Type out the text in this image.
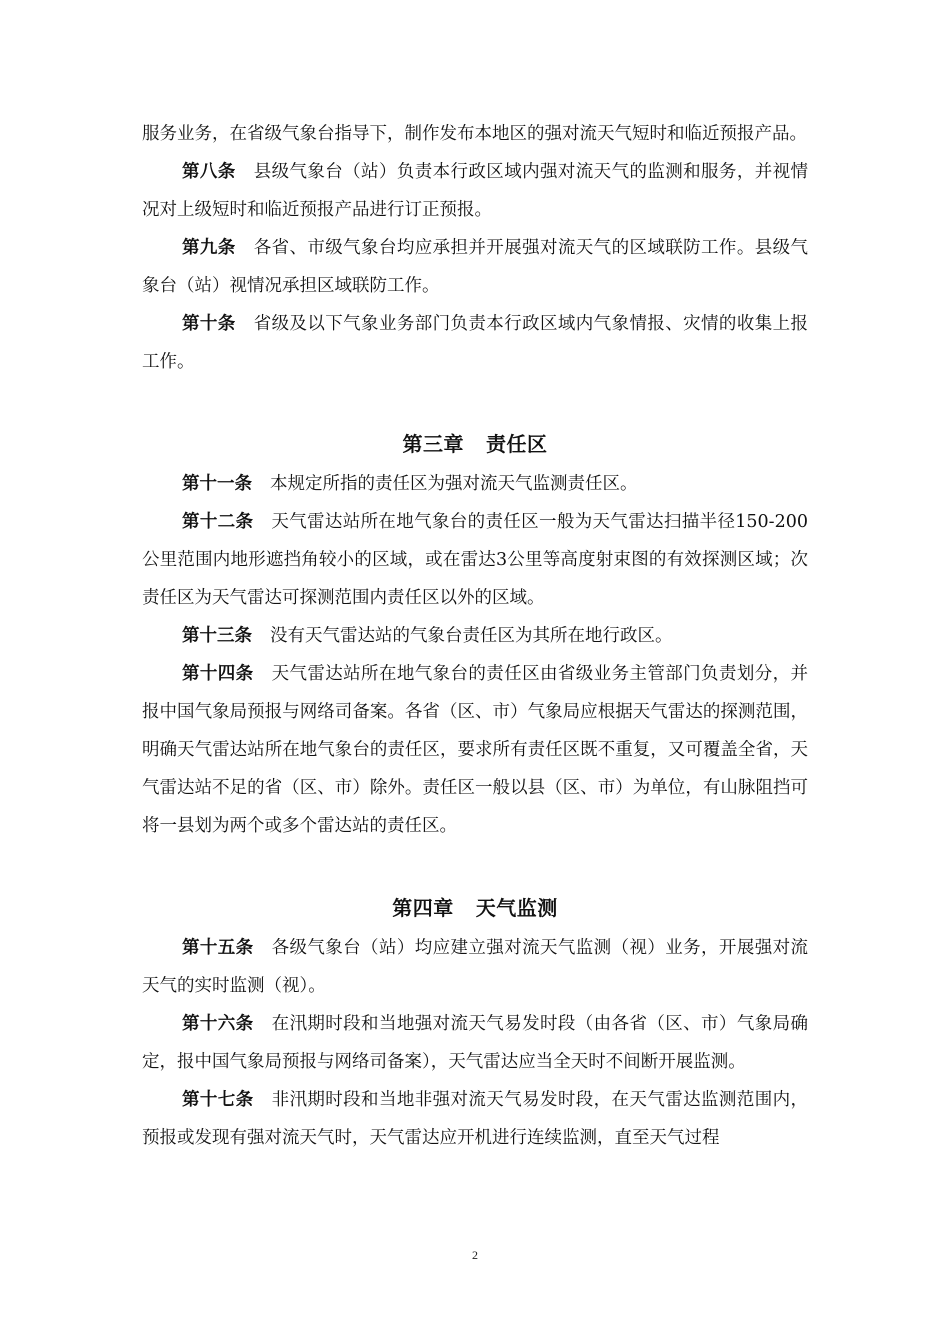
服务业务，在省级气象台指导下，制作发布本地区的强对流天气短时和临近预报产品。

第八条 县级气象台（站）负责本行政区域内强对流天气的监测和服务，并视情况对上级短时和临近预报产品进行订正预报。

第九条 各省、市级气象台均应承担并开展强对流天气的区域联防工作。县级气象台（站）视情况承担区域联防工作。

第十条 省级及以下气象业务部门负责本行政区域内气象情报、灾情的收集上报工作。

第三章 责任区

第十一条 本规定所指的责任区为强对流天气监测责任区。

第十二条 天气雷达站所在地气象台的责任区一般为天气雷达扫描半径150-200公里范围内地形遮挡角较小的区域，或在雷达3公里等高度射束图的有效探测区域；次责任区为天气雷达可探测范围内责任区以外的区域。

第十三条 没有天气雷达站的气象台责任区为其所在地行政区。

第十四条 天气雷达站所在地气象台的责任区由省级业务主管部门负责划分，并报中国气象局预报与网络司备案。各省（区、市）气象局应根据天气雷达的探测范围，明确天气雷达站所在地气象台的责任区，要求所有责任区既不重复，又可覆盖全省，天气雷达站不足的省（区、市）除外。责任区一般以县（区、市）为单位，有山脉阻挡可将一县划为两个或多个雷达站的责任区。

第四章 天气监测

第十五条 各级气象台（站）均应建立强对流天气监测（视）业务，开展强对流天气的实时监测（视）。

第十六条 在汛期时段和当地强对流天气易发时段（由各省（区、市）气象局确定，报中国气象局预报与网络司备案），天气雷达应当全天时不间断开展监测。

第十七条 非汛期时段和当地非强对流天气易发时段，在天气雷达监测范围内，预报或发现有强对流天气时，天气雷达应开机进行连续监测，直至天气过程

2
